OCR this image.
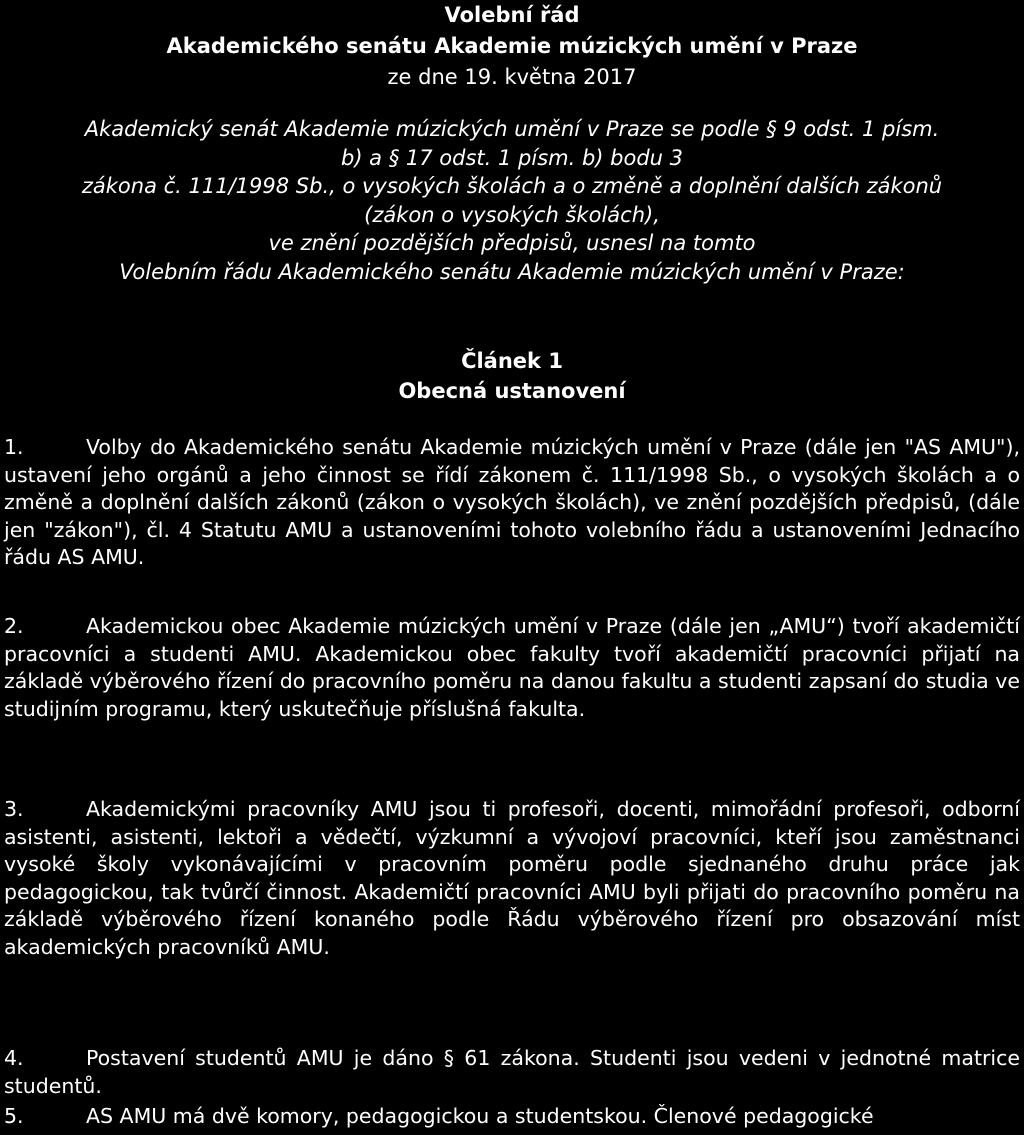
Volební řád
Akademického senátu Akademie múzických umění v Praze
ze dne 19. května 2017
Akademický senát Akademie múzických umění v Praze se podle § 9 odst. 1 písm.
b) a § 17 odst. 1 písm. b) bodu 3
zákona č. 111/1998 Sb., o vysokých školách a o změně a doplnění dalších zákonů
(zákon o vysokých školách),
ve znění pozdějších předpisů, usnesl na tomto
Volebním řádu Akademického senátu Akademie múzických umění v Praze:
Článek 1
Obecná ustanovení
1.	Volby do Akademického senátu Akademie múzických umění v Praze (dále jen "AS AMU"), ustavení jeho orgánů a jeho činnost se řídí zákonem č. 111/1998 Sb., o vysokých školách a o změně a doplnění dalších zákonů (zákon o vysokých školách), ve znění pozdějších předpisů, (dále jen "zákon"), čl. 4 Statutu AMU a ustanoveními tohoto volebního řádu a ustanoveními Jednacího řádu AS AMU.
2.	Akademickou obec Akademie múzických umění v Praze (dále jen „AMU“) tvoří akademičtí pracovníci a studenti AMU. Akademickou obec fakulty tvoří akademičtí pracovníci přijatí na základě výběrového řízení do pracovního poměru na danou fakultu a studenti zapsaní do studia ve studijním programu, který uskutečňuje příslušná fakulta.
3.	Akademickými pracovníky AMU jsou ti profesoři, docenti, mimořádní profesoři, odborní asistenti, asistenti, lektoři a vědečtí, výzkumní a vývojoví pracovníci, kteří jsou zaměstnanci vysoké školy vykonávajícími v pracovním poměru podle sjednaného druhu práce jak pedagogickou, tak tvůrčí činnost. Akademičtí pracovníci AMU byli přijati do pracovního poměru na základě výběrového řízení konaného podle Řádu výběrového řízení pro obsazování míst akademických pracovníků AMU.
4.	Postavení studentů AMU je dáno § 61 zákona. Studenti jsou vedeni v jednotné matrice studentů.
5.	AS AMU má dvě komory, pedagogickou a studentskou. Členové pedagogické
